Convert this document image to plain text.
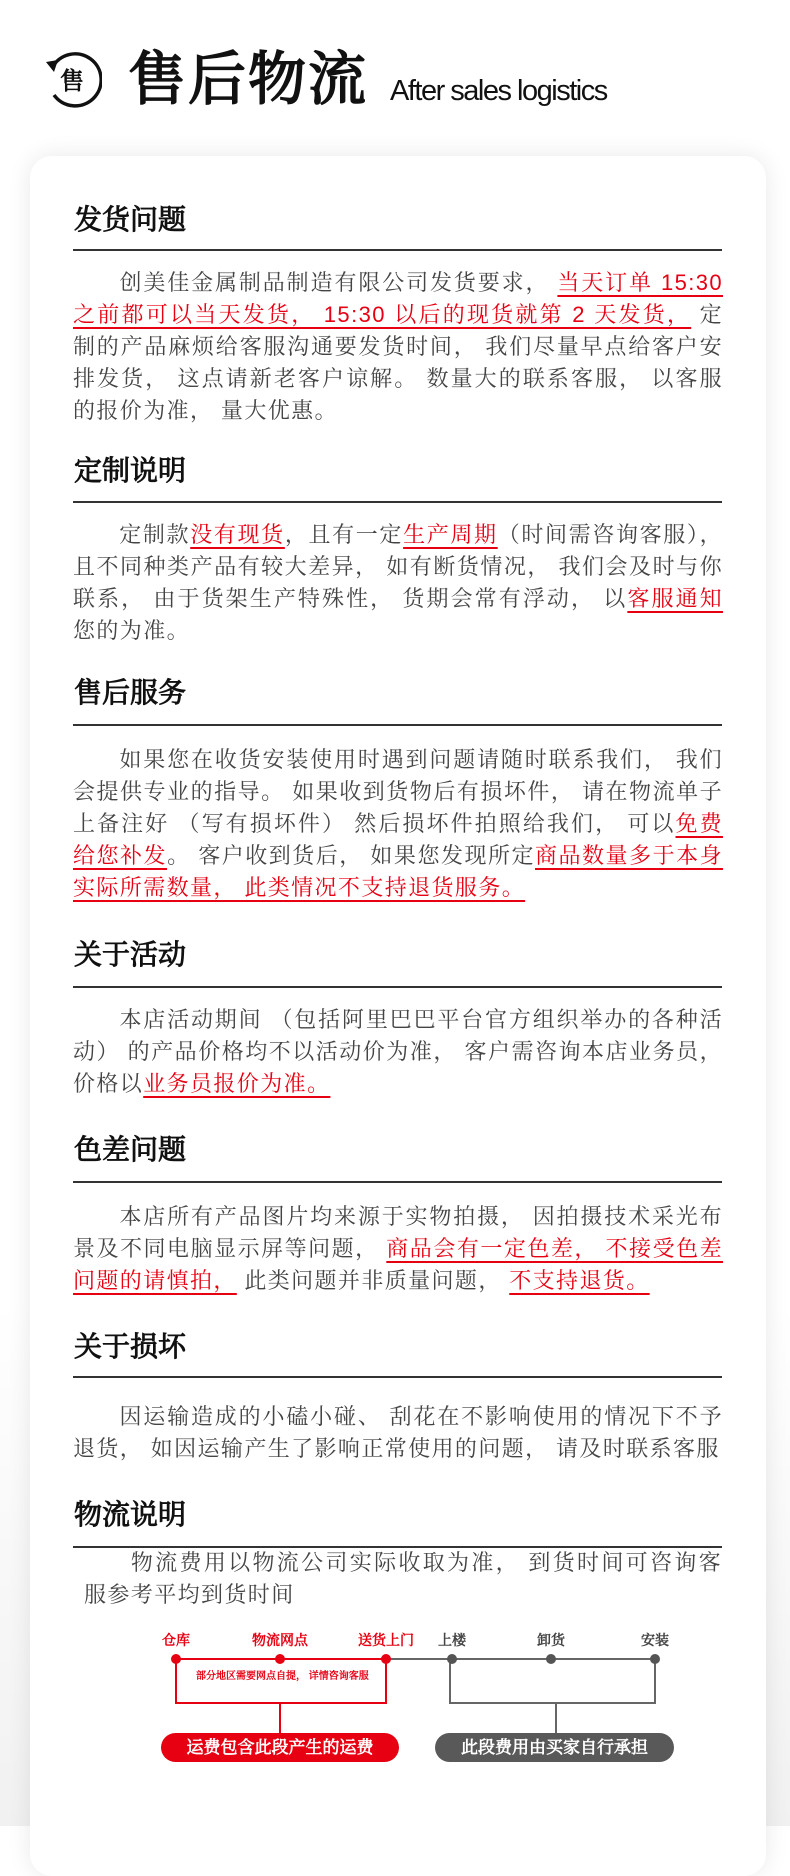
售 售后物流 After sales logistics
发货问题
创美佳金属制品制造有限公司发货要求， 当天订单 15:30 之前都可以当天发货， 15:30 以后的现货就第 2 天发货， 定制的产品麻烦给客服沟通要发货时间， 我们尽量早点给客户安排发货， 这点请新老客户谅解。 数量大的联系客服， 以客服的报价为准， 量大优惠。
定制说明
定制款没有现货，且有一定生产周期（时间需咨询客服），且不同种类产品有较大差异， 如有断货情况， 我们会及时与你联系， 由于货架生产特殊性， 货期会常有浮动， 以客服通知您的为准。
售后服务
如果您在收货安装使用时遇到问题请随时联系我们， 我们会提供专业的指导。 如果收到货物后有损坏件， 请在物流单子上备注好 （写有损坏件） 然后损坏件拍照给我们， 可以免费给您补发。 客户收到货后， 如果您发现所定商品数量多于本身实际所需数量， 此类情况不支持退货服务。
关于活动
本店活动期间 （包括阿里巴巴平台官方组织举办的各种活动） 的产品价格均不以活动价为准， 客户需咨询本店业务员，价格以业务员报价为准。
色差问题
本店所有产品图片均来源于实物拍摄， 因拍摄技术采光布景及不同电脑显示屏等问题， 商品会有一定色差， 不接受色差问题的请慎拍， 此类问题并非质量问题， 不支持退货。
关于损坏
因运输造成的小磕小碰、 刮花在不影响使用的情况下不予退货， 如因运输产生了影响正常使用的问题， 请及时联系客服
物流说明
物流费用以物流公司实际收取为准， 到货时间可咨询客服参考平均到货时间
仓库	物流网点	送货上门 上楼	卸货	安装
部分地区需要网点自提， 详情咨询客服
运费包含此段产生的运费	此段费用由买家自行承担
